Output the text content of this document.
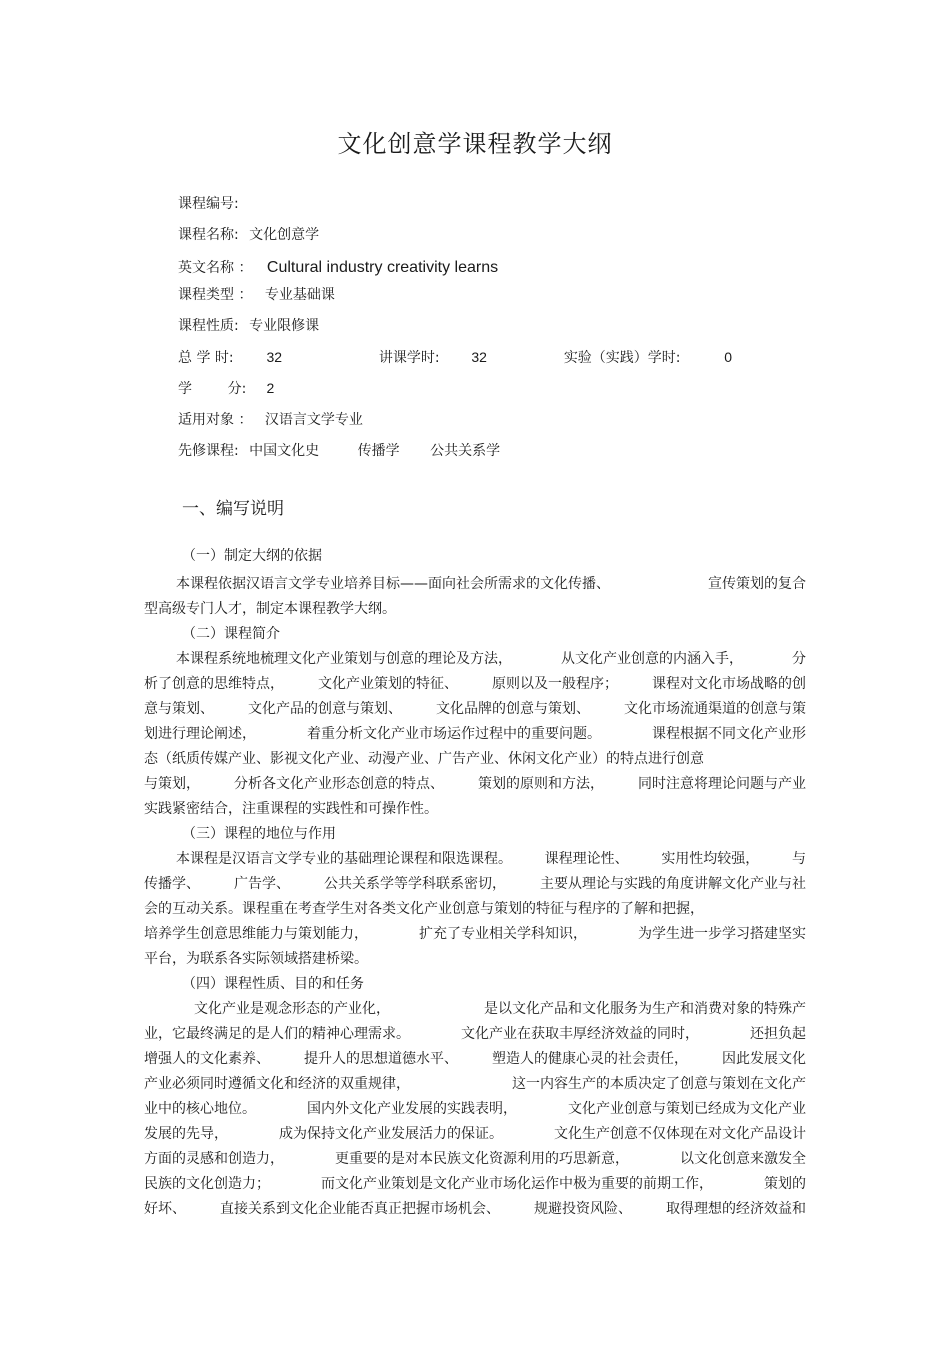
文化创意学课程教学大纲
课程编号:
课程名称: 文化创意学
英文名称 ： Cultural industry creativity learns
课程类型 ： 专业基础课
课程性质: 专业限修课
总 学 时: 32	讲课学时: 32	实验（实践）学时:	0
学        分: 2
适用对象 ： 汉语言文学专业
先修课程: 中国文化史	传播学 公共关系学
一、编写说明
（一）制定大纲的依据
本课程依据汉语言文学专业培养目标——面向社会所需求的文化传播、	宣传策划的复合
型高级专门人才，制定本课程教学大纲。
（二）课程简介
本课程系统地梳理文化产业策划与创意的理论及方法，	从文化产业创意的内涵入手，	分
析了创意的思维特点， 文化产业策划的特征、 原则以及一般程序； 课程对文化市场战略的创
意与策划、 文化产品的创意与策划、 文化品牌的创意与策划、 文化市场流通渠道的创意与策
划进行理论阐述，	着重分析文化产业市场运作过程中的重要问题。	课程根据不同文化产业形
态（纸质传媒产业、影视文化产业、动漫产业、广告产业、休闲文化产业）的特点进行创意
与策划， 分析各文化产业形态创意的特点、 策划的原则和方法， 同时注意将理论问题与产业
实践紧密结合，注重课程的实践性和可操作性。
（三）课程的地位与作用
本课程是汉语言文学专业的基础理论课程和限选课程。 课程理论性、 实用性均较强， 与
传播学、 广告学、 公共关系学等学科联系密切， 主要从理论与实践的角度讲解文化产业与社
会的互动关系。课程重在考查学生对各类文化产业创意与策划的特征与程序的了解和把握，
培养学生创意思维能力与策划能力，	扩充了专业相关学科知识，	为学生进一步学习搭建坚实
平台，为联系各实际领域搭建桥梁。
（四）课程性质、目的和任务
文化产业是观念形态的产业化，	是以文化产品和文化服务为生产和消费对象的特殊产
业，它最终满足的是人们的精神心理需求。	文化产业在获取丰厚经济效益的同时，	还担负起
增强人的文化素养、 提升人的思想道德水平、 塑造人的健康心灵的社会责任， 因此发展文化
产业必须同时遵循文化和经济的双重规律，	这一内容生产的本质决定了创意与策划在文化产
业中的核心地位。	国内外文化产业发展的实践表明，	文化产业创意与策划已经成为文化产业
发展的先导，	成为保持文化产业发展活力的保证。	文化生产创意不仅体现在对文化产品设计
方面的灵感和创造力，	更重要的是对本民族文化资源利用的巧思新意，	以文化创意来激发全
民族的文化创造力；	而文化产业策划是文化产业市场化运作中极为重要的前期工作，	策划的
好坏、 直接关系到文化企业能否真正把握市场机会、 规避投资风险、 取得理想的经济效益和
